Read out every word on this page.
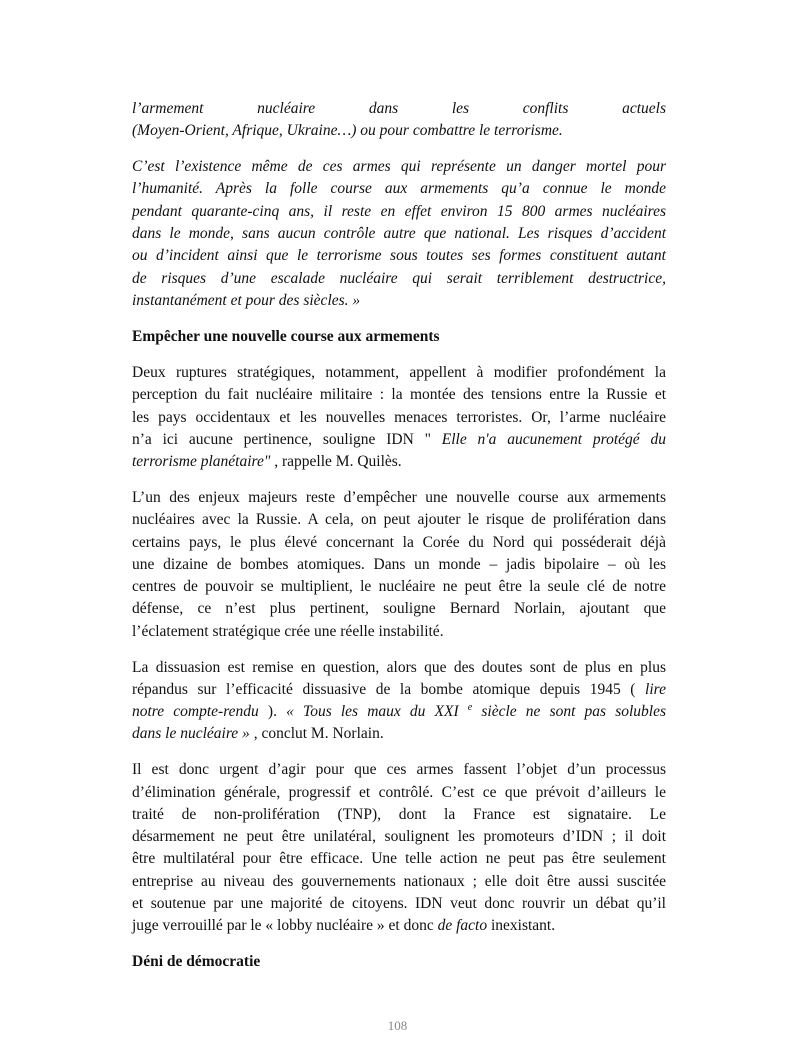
l’armement nucléaire dans les conflits actuels
(Moyen-Orient, Afrique, Ukraine…) ou pour combattre le terrorisme.
C’est l’existence même de ces armes qui représente un danger mortel pour
l’humanité. Après la folle course aux armements qu’a connue le monde
pendant quarante-cinq ans, il reste en effet environ 15 800 armes nucléaires
dans le monde, sans aucun contrôle autre que national. Les risques d’accident
ou d’incident ainsi que le terrorisme sous toutes ses formes constituent autant
de risques d’une escalade nucléaire qui serait terriblement destructrice,
instantanément et pour des siècles. »
Empêcher une nouvelle course aux armements
Deux ruptures stratégiques, notamment, appellent à modifier profondément la
perception du fait nucléaire militaire : la montée des tensions entre la Russie et
les pays occidentaux et les nouvelles menaces terroristes. Or, l’arme nucléaire
n’a ici aucune pertinence, souligne IDN " Elle n'a aucunement protégé du
terrorisme planétaire" , rappelle M. Quilès.
L’un des enjeux majeurs reste d’empêcher une nouvelle course aux armements
nucléaires avec la Russie. A cela, on peut ajouter le risque de prolifération dans
certains pays, le plus élevé concernant la Corée du Nord qui posséderait déjà
une dizaine de bombes atomiques. Dans un monde – jadis bipolaire – où les
centres de pouvoir se multiplient, le nucléaire ne peut être la seule clé de notre
défense, ce n’est plus pertinent, souligne Bernard Norlain, ajoutant que
l’éclatement stratégique crée une réelle instabilité.
La dissuasion est remise en question, alors que des doutes sont de plus en plus
répandus sur l’efficacité dissuasive de la bombe atomique depuis 1945 ( lire
notre compte-rendu ). « Tous les maux du XXI $^e$ siècle ne sont pas solubles
dans le nucléaire » , conclut M. Norlain.
Il est donc urgent d’agir pour que ces armes fassent l’objet d’un processus
d’élimination générale, progressif et contrôlé. C’est ce que prévoit d’ailleurs le
traité de non-prolifération (TNP), dont la France est signataire. Le
désarmement ne peut être unilatéral, soulignent les promoteurs d’IDN ; il doit
être multilatéral pour être efficace. Une telle action ne peut pas être seulement
entreprise au niveau des gouvernements nationaux ; elle doit être aussi suscitée
et soutenue par une majorité de citoyens. IDN veut donc rouvrir un débat qu’il
juge verrouillé par le « lobby nucléaire » et donc de facto inexistant.
Déni de démocratie
108
